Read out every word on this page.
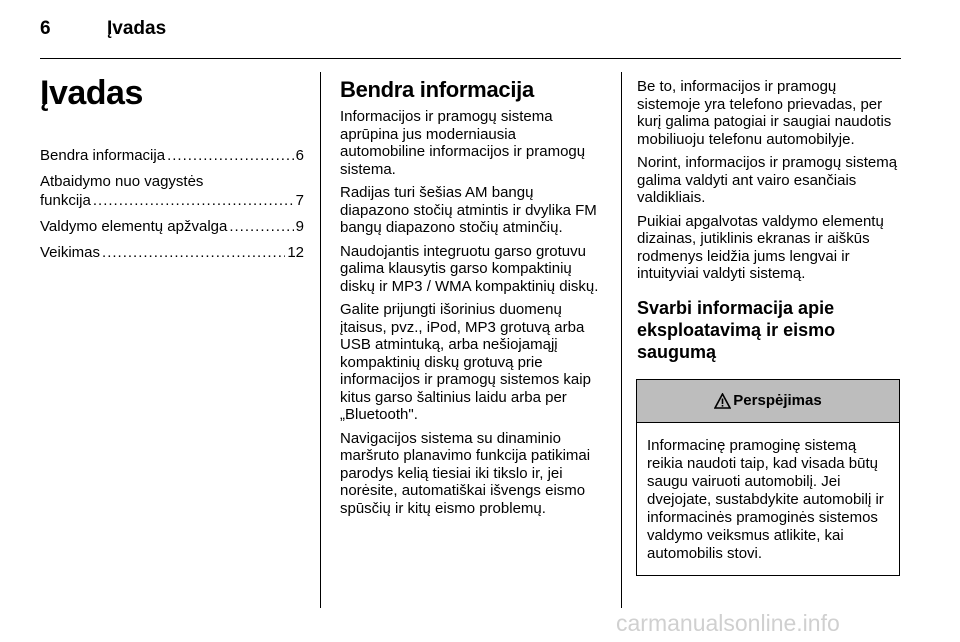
6	Įvadas
Įvadas
Bendra informacija .....	6
Atbaidymo nuo vagystės
funkcija .....	7
Valdymo elementų apžvalga .....	9
Veikimas .....	12
Bendra informacija

Informacijos ir pramogų sistema aprūpina jus moderniausia automobiline informacijos ir pramogų sistema.

Radijas turi šešias AM bangų diapazono stočių atmintis ir dvylika FM bangų diapazono stočių atminčių.

Naudojantis integruotu garso grotuvu galima klausytis garso kompaktinių diskų ir MP3 / WMA kompaktinių diskų.

Galite prijungti išorinius duomenų įtaisus, pvz., iPod, MP3 grotuvą arba USB atmintuką, arba nešiojamąjį kompaktinių diskų grotuvą prie informacijos ir pramogų sistemos kaip kitus garso šaltinius laidu arba per „Bluetooth".

Navigacijos sistema su dinaminio maršruto planavimo funkcija patikimai parodys kelią tiesiai iki tikslo ir, jei norėsite, automatiškai išvengs eismo spūsčių ir kitų eismo problemų.

Be to, informacijos ir pramogų sistemoje yra telefono prievadas, per kurį galima patogiai ir saugiai naudotis mobiliuoju telefonu automobilyje.

Norint, informacijos ir pramogų sistemą galima valdyti ant vairo esančiais valdikliais.

Puikiai apgalvotas valdymo elementų dizainas, jutiklinis ekranas ir aiškūs rodmenys leidžia jums lengvai ir intuityviai valdyti sistemą.

Svarbi informacija apie eksploatavimą ir eismo saugumą
Perspėjimas
Informacinę pramoginę sistemą reikia naudoti taip, kad visada būtų saugu vairuoti automobilį. Jei dvejojate, sustabdykite automobilį ir informacinės pramoginės sistemos valdymo veiksmus atlikite, kai automobilis stovi.
carmanualsonline.info
